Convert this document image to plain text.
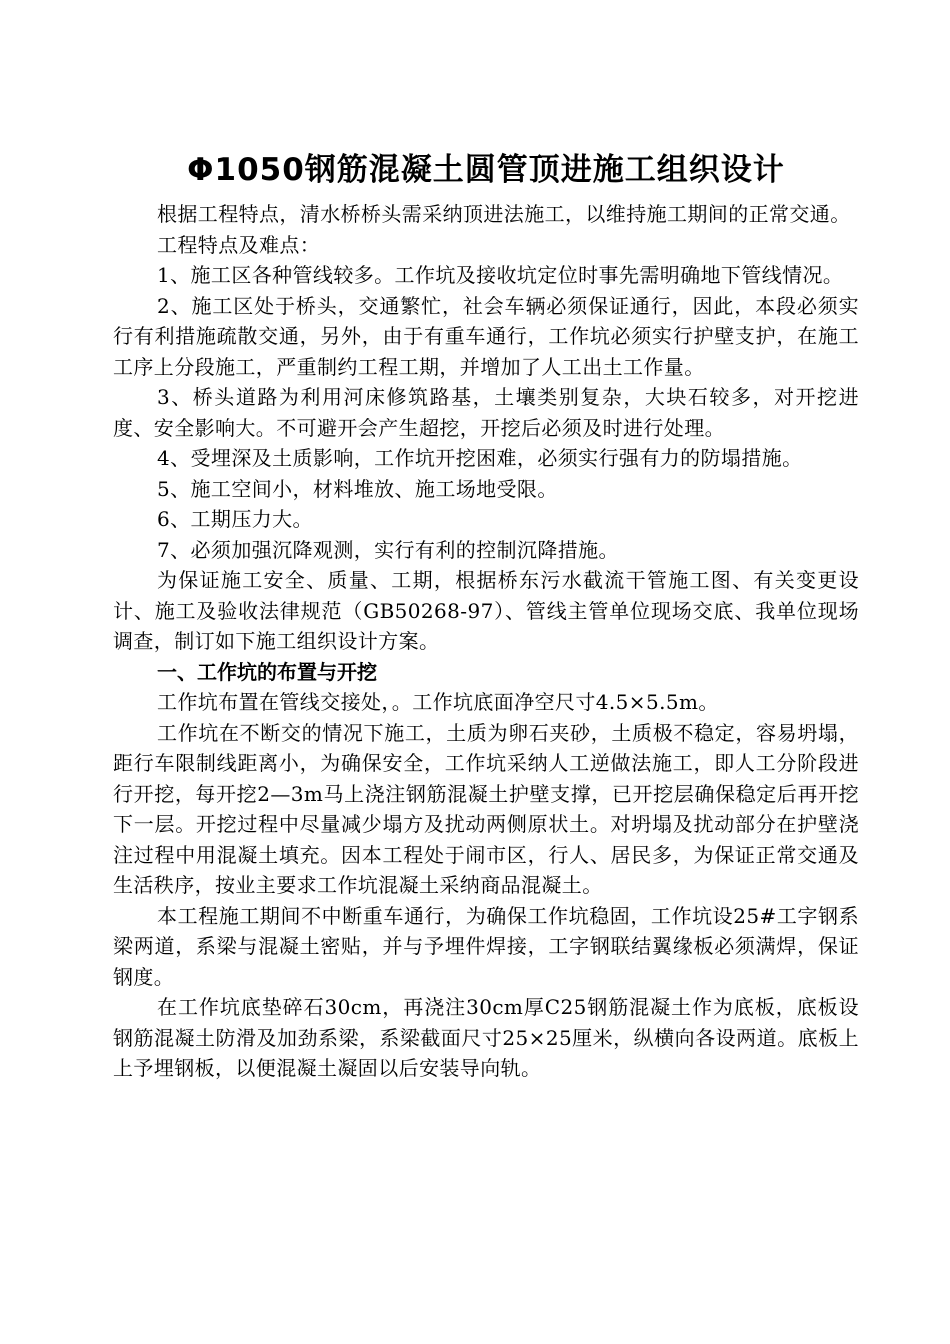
Φ1050钢筋混凝土圆管顶进施工组织设计

根据工程特点，清水桥桥头需采纳顶进法施工，以维持施工期间的正常交通。

工程特点及难点：

1、施工区各种管线较多。工作坑及接收坑定位时事先需明确地下管线情况。

2、施工区处于桥头，交通繁忙，社会车辆必须保证通行，因此，本段必须实行有利措施疏散交通，另外，由于有重车通行，工作坑必须实行护壁支护，在施工工序上分段施工，严重制约工程工期，并增加了人工出土工作量。

3、桥头道路为利用河床修筑路基，土壤类别复杂，大块石较多，对开挖进度、安全影响大。不可避开会产生超挖，开挖后必须及时进行处理。

4、受埋深及土质影响，工作坑开挖困难，必须实行强有力的防塌措施。

5、施工空间小，材料堆放、施工场地受限。

6、工期压力大。

7、必须加强沉降观测，实行有利的控制沉降措施。

为保证施工安全、质量、工期，根据桥东污水截流干管施工图、有关变更设计、施工及验收法律规范（GB50268-97）、管线主管单位现场交底、我单位现场调查，制订如下施工组织设计方案。

一、工作坑的布置与开挖

工作坑布置在管线交接处，。工作坑底面净空尺寸4.5×5.5m。

工作坑在不断交的情况下施工，土质为卵石夹砂，土质极不稳定，容易坍塌，距行车限制线距离小，为确保安全，工作坑采纳人工逆做法施工，即人工分阶段进行开挖，每开挖2—3m马上浇注钢筋混凝土护壁支撑，已开挖层确保稳定后再开挖下一层。开挖过程中尽量减少塌方及扰动两侧原状土。对坍塌及扰动部分在护壁浇注过程中用混凝土填充。因本工程处于闹市区，行人、居民多，为保证正常交通及生活秩序，按业主要求工作坑混凝土采纳商品混凝土。

本工程施工期间不中断重车通行，为确保工作坑稳固，工作坑设25#工字钢系梁两道，系梁与混凝土密贴，并与予埋件焊接，工字钢联结翼缘板必须满焊，保证钢度。

在工作坑底垫碎石30cm，再浇注30cm厚C25钢筋混凝土作为底板，底板设钢筋混凝土防滑及加劲系梁，系梁截面尺寸25×25厘米，纵横向各设两道。底板上上予埋钢板，以便混凝土凝固以后安装导向轨。
